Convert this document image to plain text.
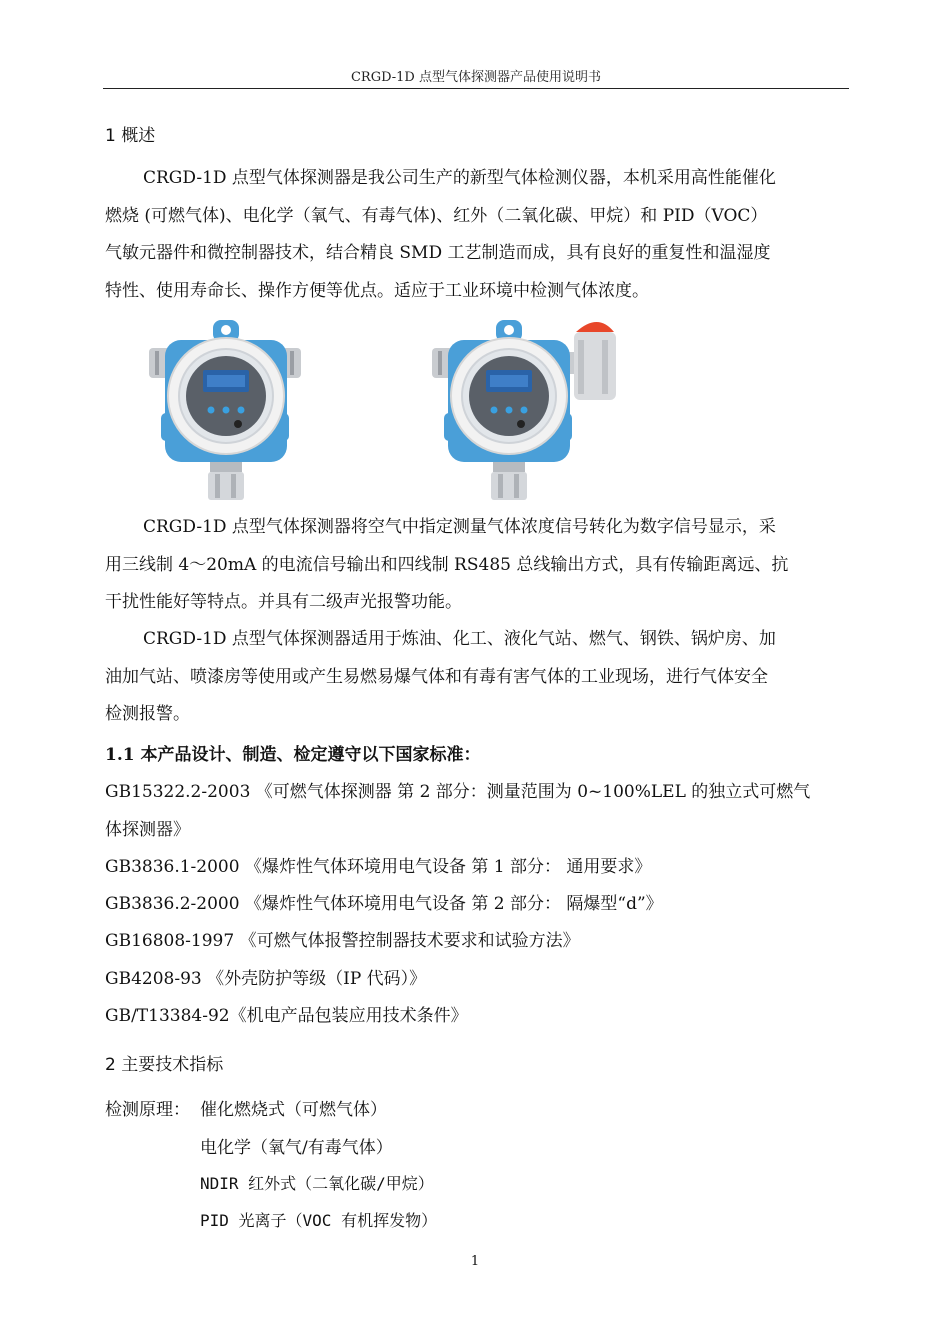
CRGD-1D 点型气体探测器产品使用说明书
1 概述
CRGD-1D 点型气体探测器是我公司生产的新型气体检测仪器，本机采用高性能催化
燃烧 (可燃气体)、电化学（氧气、有毒气体)、红外（二氧化碳、甲烷）和 PID（VOC）
气敏元器件和微控制器技术，结合精良 SMD 工艺制造而成，具有良好的重复性和温湿度
特性、使用寿命长、操作方便等优点。适应于工业环境中检测气体浓度。
CRGD-1D 点型气体探测器将空气中指定测量气体浓度信号转化为数字信号显示，采
用三线制 4～20mA 的电流信号输出和四线制 RS485 总线输出方式，具有传输距离远、抗
干扰性能好等特点。并具有二级声光报警功能。
CRGD-1D 点型气体探测器适用于炼油、化工、液化气站、燃气、钢铁、锅炉房、加
油加气站、喷漆房等使用或产生易燃易爆气体和有毒有害气体的工业现场，进行气体安全
检测报警。
1.1 本产品设计、制造、检定遵守以下国家标准：
GB15322.2-2003 《可燃气体探测器 第 2 部分：测量范围为 0~100%LEL 的独立式可燃气
体探测器》
GB3836.1-2000 《爆炸性气体环境用电气设备 第 1 部分： 通用要求》
GB3836.2-2000 《爆炸性气体环境用电气设备 第 2 部分： 隔爆型“d”》
GB16808-1997 《可燃气体报警控制器技术要求和试验方法》
GB4208-93 《外壳防护等级（IP 代码）》
GB/T13384-92《机电产品包装应用技术条件》
2 主要技术指标
检测原理： 催化燃烧式（可燃气体）
电化学（氧气/有毒气体）
NDIR 红外式（二氧化碳/甲烷）
PID 光离子（VOC 有机挥发物）
1
